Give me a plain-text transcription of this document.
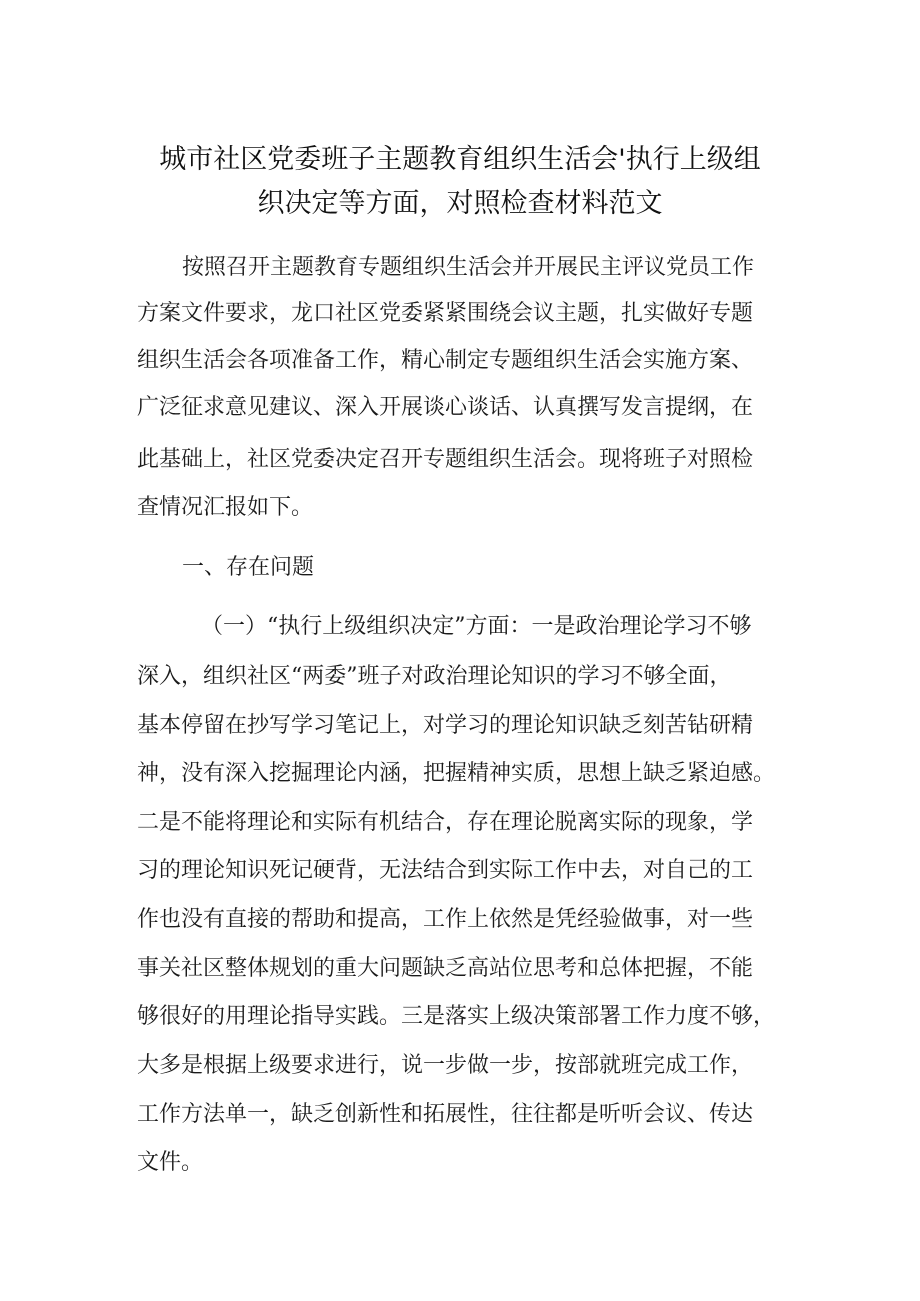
城市社区党委班子主题教育组织生活会'执行上级组
织决定等方面，对照检查材料范文
按照召开主题教育专题组织生活会并开展民主评议党员工作
方案文件要求，龙口社区党委紧紧围绕会议主题，扎实做好专题
组织生活会各项准备工作，精心制定专题组织生活会实施方案、
广泛征求意见建议、深入开展谈心谈话、认真撰写发言提纲，在
此基础上，社区党委决定召开专题组织生活会。现将班子对照检
查情况汇报如下。
一、存在问题
（一）“执行上级组织决定”方面：一是政治理论学习不够
深入，组织社区“两委”班子对政治理论知识的学习不够全面，
基本停留在抄写学习笔记上，对学习的理论知识缺乏刻苦钻研精
神，没有深入挖掘理论内涵，把握精神实质，思想上缺乏紧迫感。
二是不能将理论和实际有机结合，存在理论脱离实际的现象，学
习的理论知识死记硬背，无法结合到实际工作中去，对自己的工
作也没有直接的帮助和提高，工作上依然是凭经验做事，对一些
事关社区整体规划的重大问题缺乏高站位思考和总体把握，不能
够很好的用理论指导实践。三是落实上级决策部署工作力度不够，
大多是根据上级要求进行，说一步做一步，按部就班完成工作，
工作方法单一，缺乏创新性和拓展性，往往都是听听会议、传达
文件。
